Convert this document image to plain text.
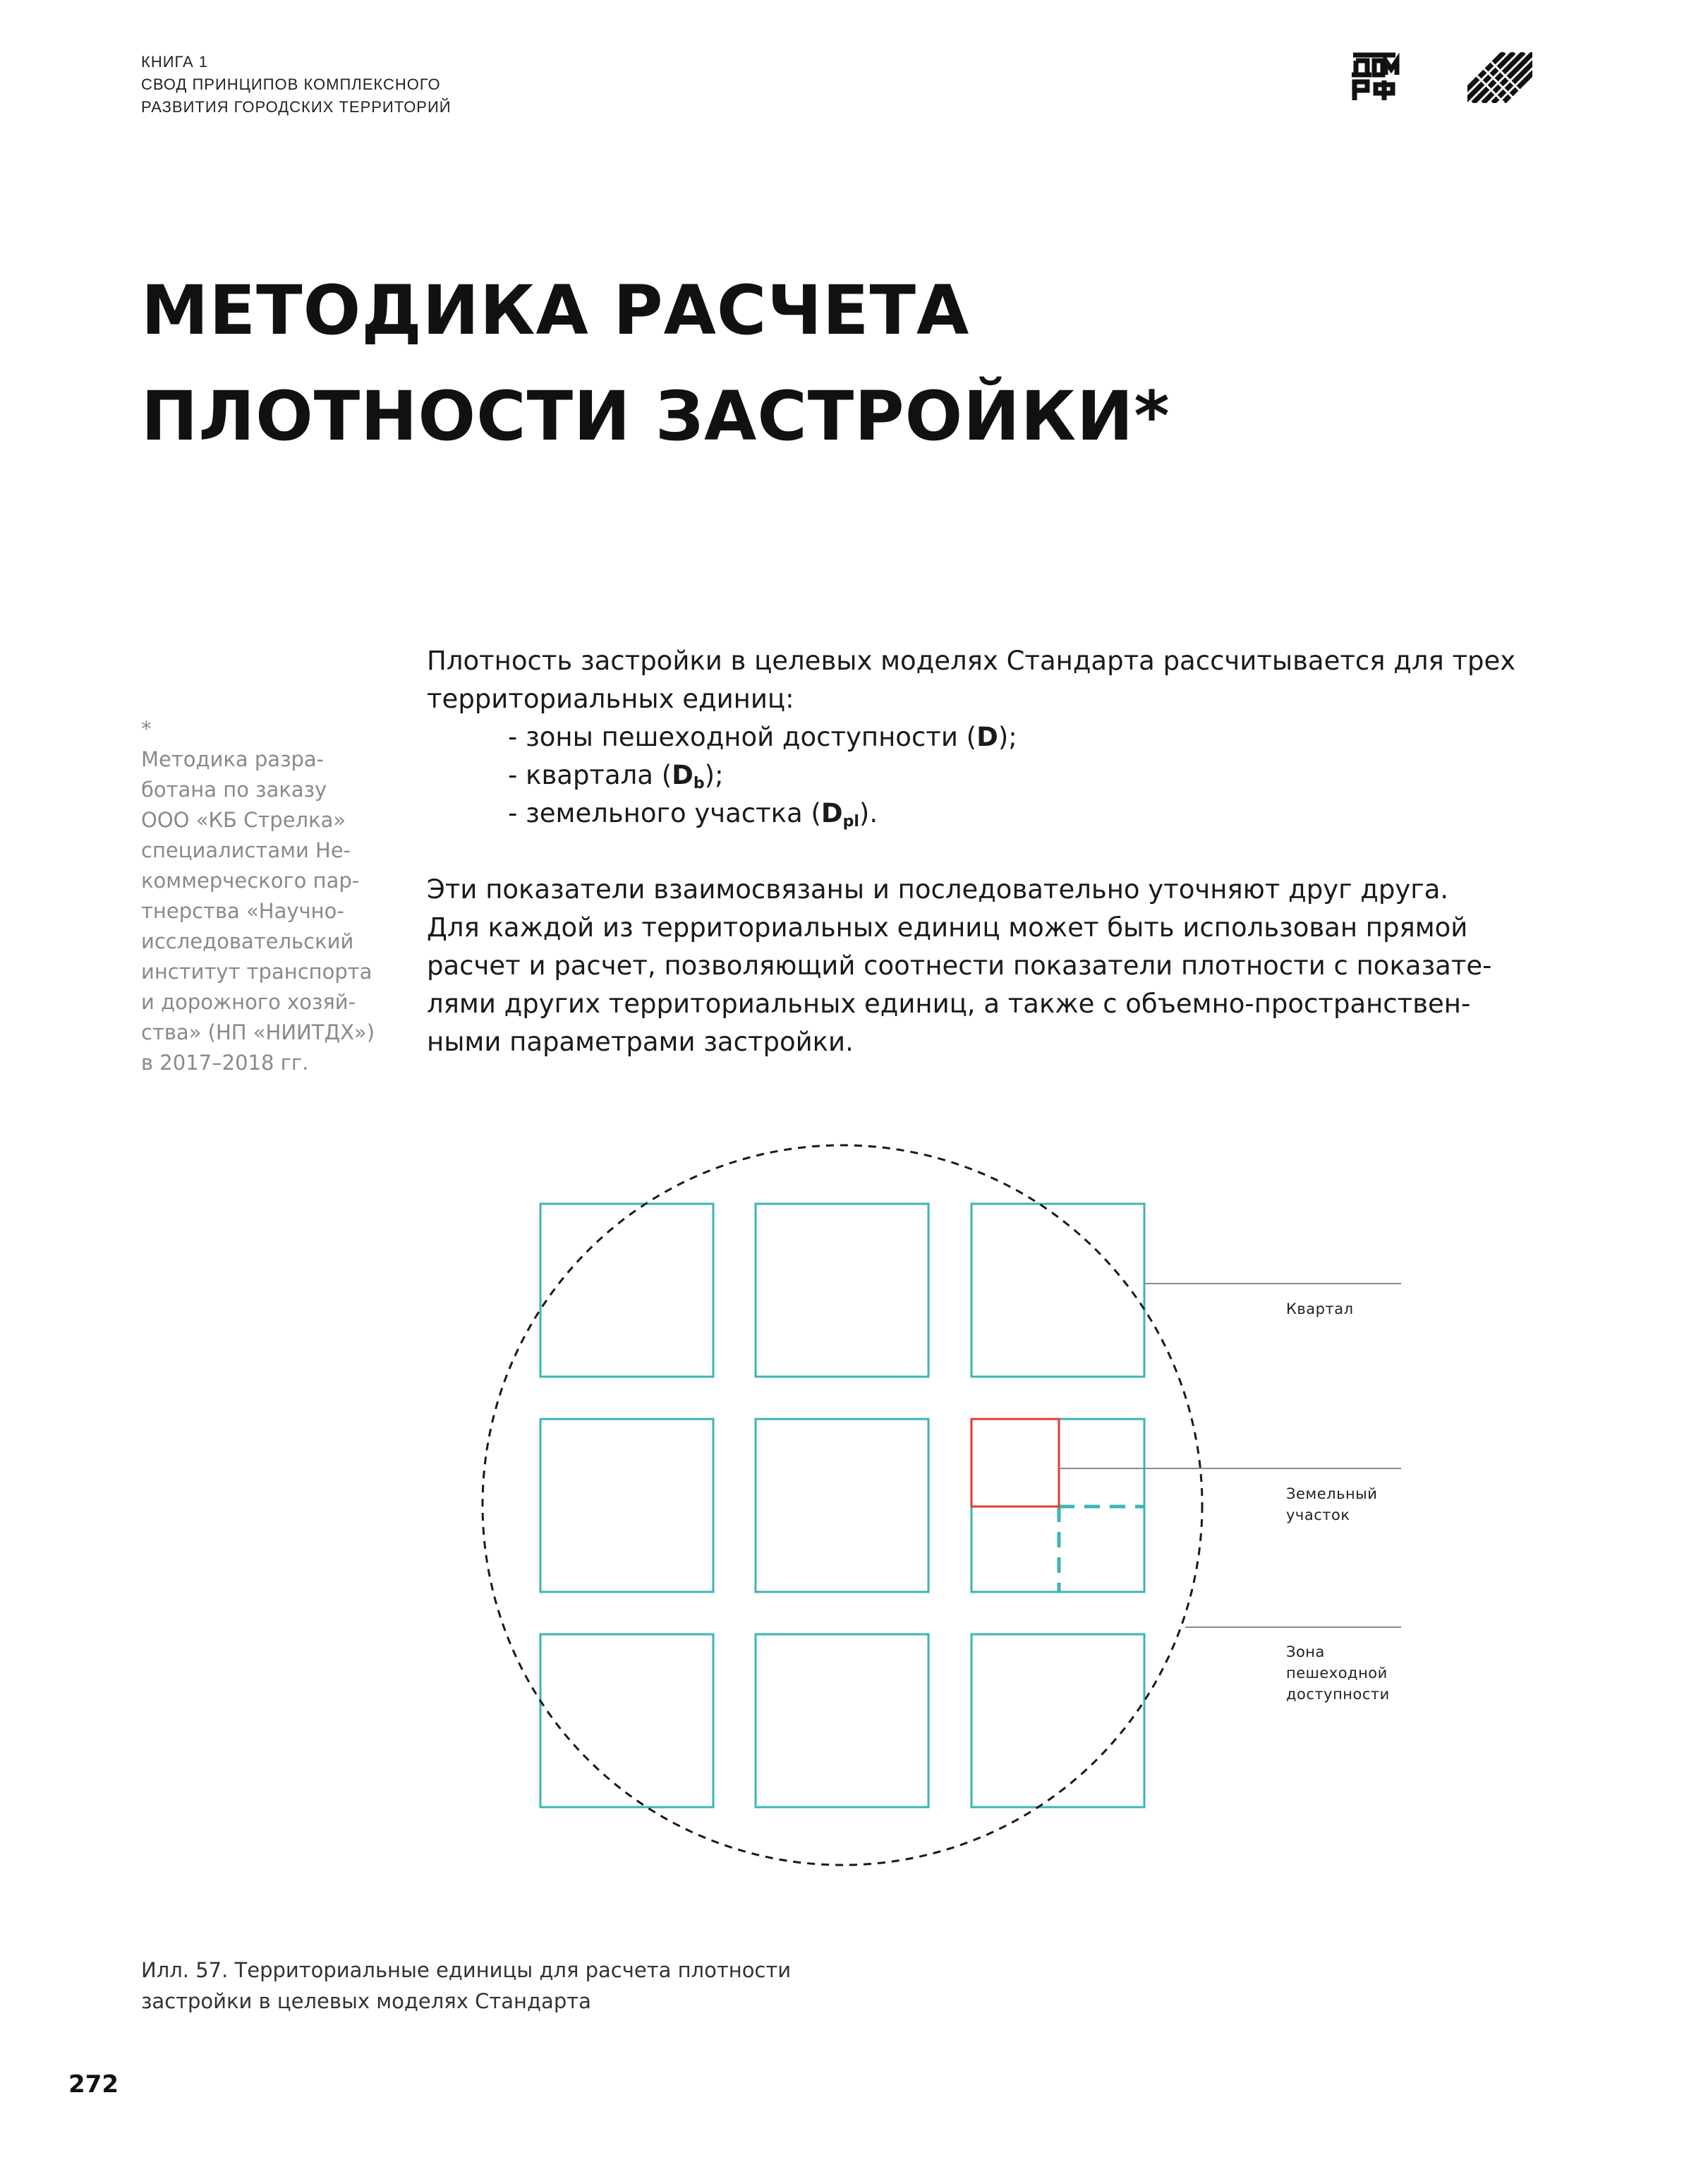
КНИГА 1
СВОД ПРИНЦИПОВ КОМПЛЕКСНОГО
РАЗВИТИЯ ГОРОДСКИХ ТЕРРИТОРИЙ
МЕТОДИКА РАСЧЕТА
ПЛОТНОСТИ ЗАСТРОЙКИ*
*
Методика разра-
ботана по заказу
ООО «КБ Стрелка»
специалистами Не-
коммерческого пар-
тнерства «Научно-
исследовательский
институт транспорта
и дорожного хозяй-
ства» (НП «НИИТДХ»)
в 2017–2018 гг.
Плотность застройки в целевых моделях Стандарта рассчитывается для трех
территориальных единиц:
- зоны пешеходной доступности (D);
- квартала $(D_b)$;
- земельного участка $(D_{pl})$.
Эти показатели взаимосвязаны и последовательно уточняют друг друга.
Для каждой из территориальных единиц может быть использован прямой
расчет и расчет, позволяющий соотнести показатели плотности с показате-
лями других территориальных единиц, а также с объемно-пространствен-
ными параметрами застройки.
Квартал
Земельный
участок
Зона
пешеходной
доступности
Илл. 57. Территориальные единицы для расчета плотности
застройки в целевых моделях Стандарта
272
